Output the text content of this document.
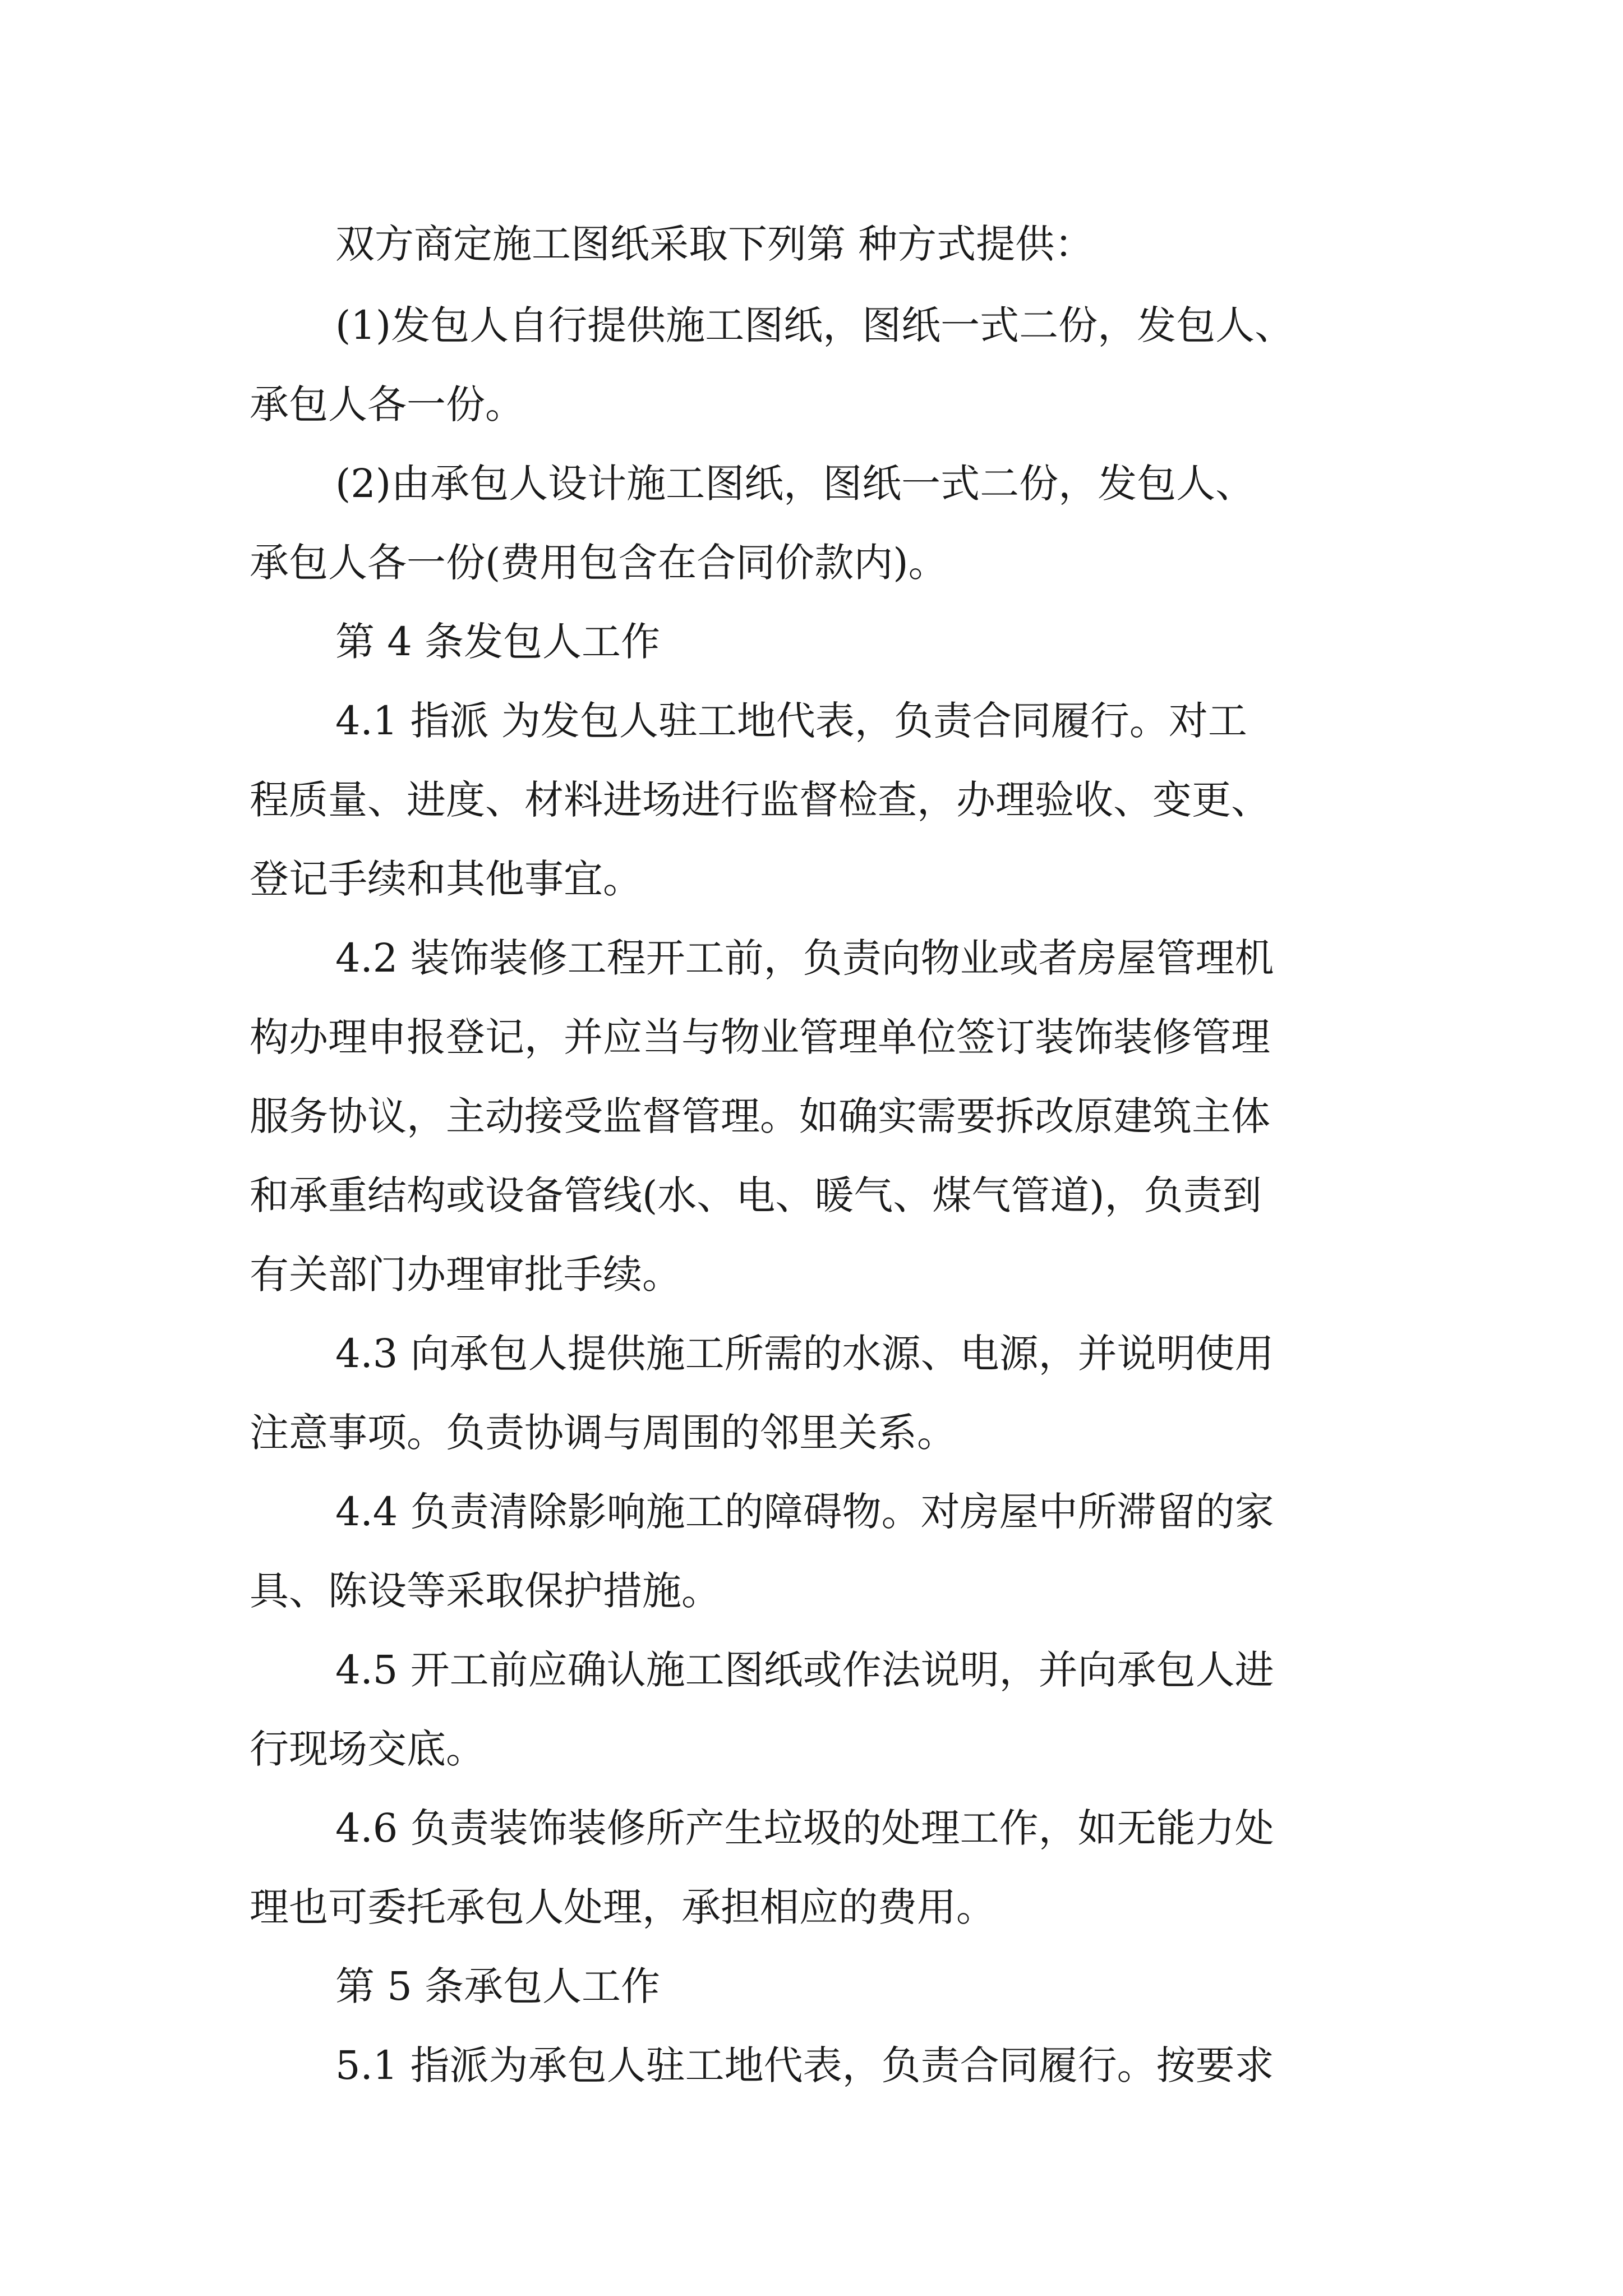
双方商定施工图纸采取下列第 种方式提供：

(1)发包人自行提供施工图纸，图纸一式二份，发包人、

承包人各一份。

(2)由承包人设计施工图纸，图纸一式二份，发包人、

承包人各一份(费用包含在合同价款内)。

第 4 条发包人工作

4.1 指派 为发包人驻工地代表，负责合同履行。对工

程质量、进度、材料进场进行监督检查，办理验收、变更、

登记手续和其他事宜。

4.2 装饰装修工程开工前，负责向物业或者房屋管理机

构办理申报登记，并应当与物业管理单位签订装饰装修管理

服务协议，主动接受监督管理。如确实需要拆改原建筑主体

和承重结构或设备管线(水、电、暖气、煤气管道)，负责到

有关部门办理审批手续。

4.3 向承包人提供施工所需的水源、电源，并说明使用

注意事项。负责协调与周围的邻里关系。

4.4 负责清除影响施工的障碍物。对房屋中所滞留的家

具、陈设等采取保护措施。

4.5 开工前应确认施工图纸或作法说明，并向承包人进

行现场交底。

4.6 负责装饰装修所产生垃圾的处理工作，如无能力处

理也可委托承包人处理，承担相应的费用。

第 5 条承包人工作

5.1 指派为承包人驻工地代表，负责合同履行。按要求
